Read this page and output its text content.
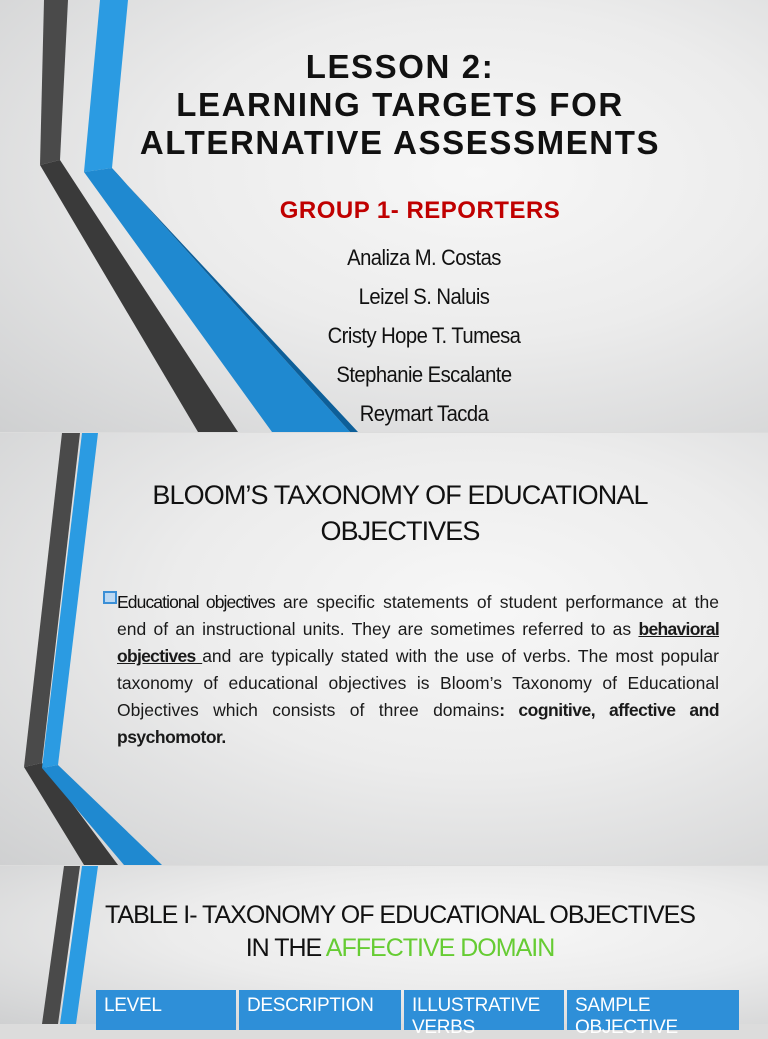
LESSON 2:
LEARNING TARGETS FOR
ALTERNATIVE ASSESSMENTS
GROUP 1- REPORTERS
Analiza M. Costas
Leizel S. Naluis
Cristy Hope T. Tumesa
Stephanie Escalante
Reymart Tacda
BLOOM’S TAXONOMY OF EDUCATIONAL
OBJECTIVES

Educational objectives are specific statements of student performance at the end of an instructional units. They are sometimes referred to as behavioral objectives and are typically stated with the use of verbs. The most popular taxonomy of educational objectives is Bloom’s Taxonomy of Educational Objectives which consists of three domains: cognitive, affective and psychomotor.

TABLE I- TAXONOMY OF EDUCATIONAL OBJECTIVES
IN THE AFFECTIVE DOMAIN
LEVEL	DESCRIPTION	ILLUSTRATIVE VERBS
SAMPLE OBJECTIVE
